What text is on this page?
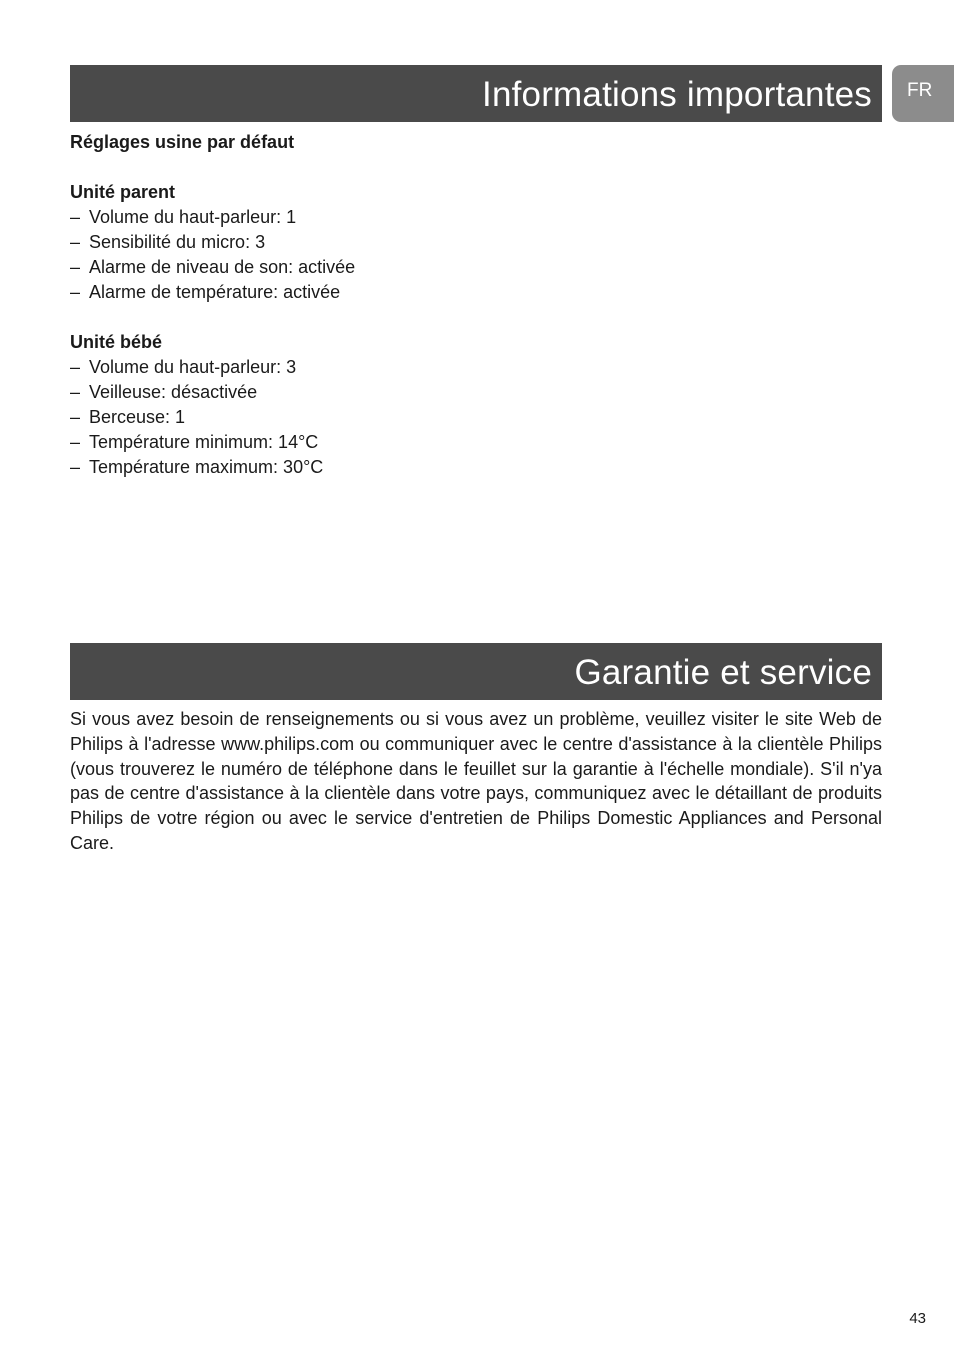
Informations importantes	FR

Réglages usine par défaut

Unité parent

– Volume du haut-parleur: 1
– Sensibilité du micro: 3
– Alarme de niveau de son: activée
– Alarme de température: activée

Unité bébé

– Volume du haut-parleur: 3
– Veilleuse: désactivée
– Berceuse: 1
– Température minimum: 14°C
– Température maximum: 30°C
Garantie et service

Si vous avez besoin de renseignements ou si vous avez un problème, veuillez visiter le site Web de Philips à l'adresse www.philips.com ou communiquer avec le centre d'assistance à la clientèle Philips (vous trouverez le numéro de téléphone dans le feuillet sur la garantie à l'échelle mondiale). S'il n'ya pas de centre d'assistance à la clientèle dans votre pays, communiquez avec le détaillant de produits Philips de votre région ou avec le service d'entretien de Philips Domestic Appliances and Personal Care.

43
